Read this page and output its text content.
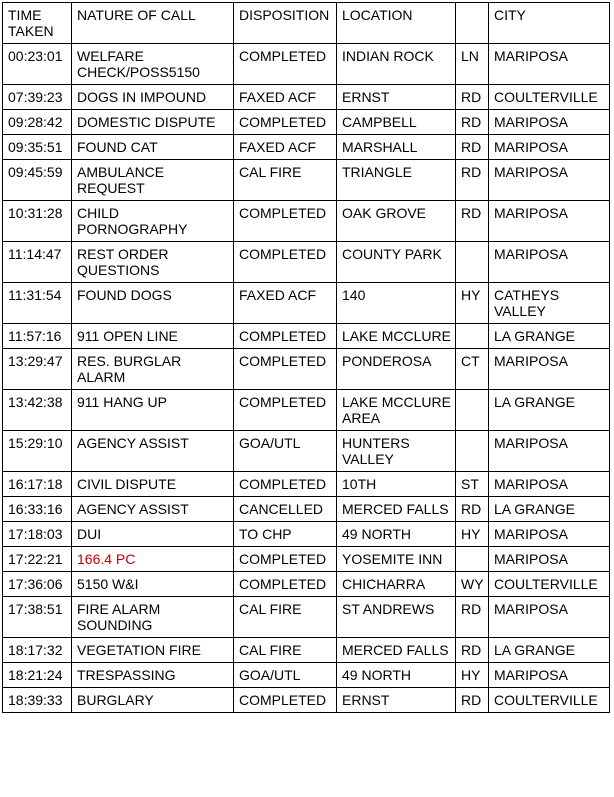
TIME TAKEN	NATURE OF CALL	DISPOSITION	LOCATION		CITY
00:23:01	WELFARE CHECK/POSS5150	COMPLETED	INDIAN ROCK	LN	MARIPOSA
07:39:23	DOGS IN IMPOUND	FAXED ACF	ERNST	RD	COULTERVILLE
09:28:42	DOMESTIC DISPUTE	COMPLETED	CAMPBELL	RD	MARIPOSA
09:35:51	FOUND CAT	FAXED ACF	MARSHALL	RD	MARIPOSA
09:45:59	AMBULANCE REQUEST	CAL FIRE	TRIANGLE	RD	MARIPOSA
10:31:28	CHILD PORNOGRAPHY	COMPLETED	OAK GROVE	RD	MARIPOSA
11:14:47	REST ORDER QUESTIONS	COMPLETED	COUNTY PARK		MARIPOSA
11:31:54	FOUND DOGS	FAXED ACF	140	HY	CATHEYS VALLEY
11:57:16	911 OPEN LINE	COMPLETED	LAKE MCCLURE		LA GRANGE
13:29:47	RES. BURGLAR ALARM	COMPLETED	PONDEROSA	CT	MARIPOSA
13:42:38	911 HANG UP	COMPLETED	LAKE MCCLURE AREA		LA GRANGE
15:29:10	AGENCY ASSIST	GOA/UTL	HUNTERS VALLEY		MARIPOSA
16:17:18	CIVIL DISPUTE	COMPLETED	10TH	ST	MARIPOSA
16:33:16	AGENCY ASSIST	CANCELLED	MERCED FALLS	RD	LA GRANGE
17:18:03	DUI	TO CHP	49 NORTH	HY	MARIPOSA
17:22:21	166.4 PC	COMPLETED	YOSEMITE INN		MARIPOSA
17:36:06	5150 W&I	COMPLETED	CHICHARRA	WY	COULTERVILLE
17:38:51	FIRE ALARM SOUNDING	CAL FIRE	ST ANDREWS	RD	MARIPOSA
18:17:32	VEGETATION FIRE	CAL FIRE	MERCED FALLS	RD	LA GRANGE
18:21:24	TRESPASSING	GOA/UTL	49 NORTH	HY	MARIPOSA
18:39:33	BURGLARY	COMPLETED	ERNST	RD	COULTERVILLE
